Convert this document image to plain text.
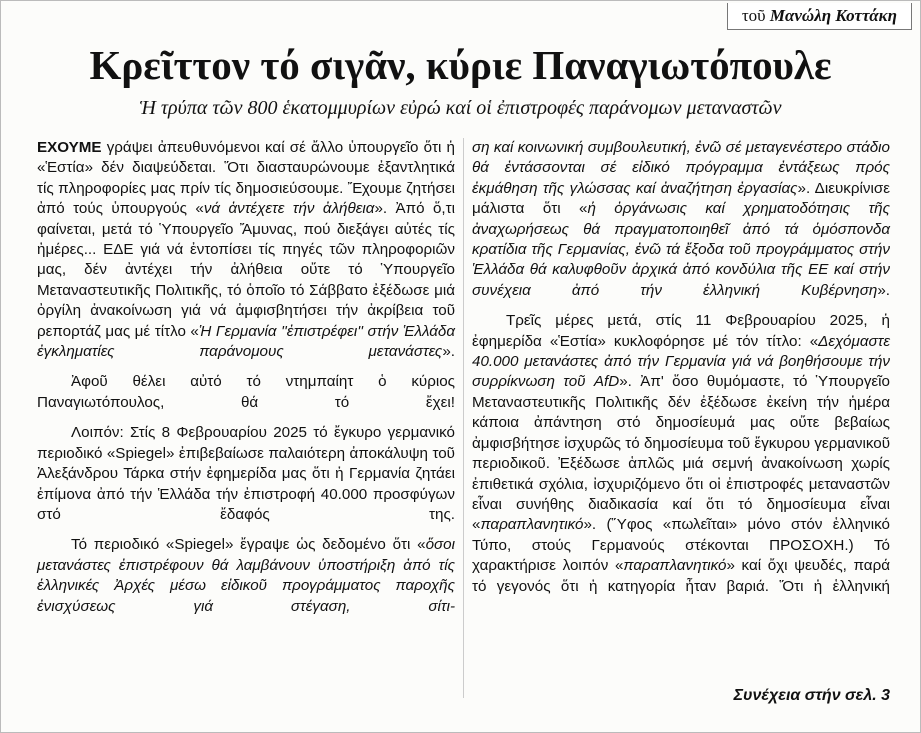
τοῦ Μανώλη Κοττάκη
Κρεῖττον τό σιγᾶν, κύριε Παναγιωτόπουλε
Ἡ τρύπα τῶν 800 ἑκατομμυρίων εὐρώ καί οἱ ἐπιστροφές παράνομων μεταναστῶν

ΕΧΟΥΜΕ γράψει ἀπευθυνόμενοι καί σέ ἄλλο ὑπουργεῖο ὅτι ἡ «Ἑστία» δέν διαψεύδεται. Ὅτι διασταυρώνουμε ἐξαντλητικά τίς πληροφορίες μας πρίν τίς δημοσιεύσουμε. Ἔχουμε ζητήσει ἀπό τούς ὑπουργούς «νά ἀντέχετε τήν ἀλήθεια». Ἀπό ὅ,τι φαίνεται, μετά τό Ὑπουργεῖο Ἄμυνας, πού διεξάγει αὐτές τίς ἡμέρες... ΕΔΕ γιά νά ἐντοπίσει τίς πηγές τῶν πληροφοριῶν μας, δέν ἀντέχει τήν ἀλήθεια οὔτε τό Ὑπουργεῖο Μεταναστευτικῆς Πολιτικῆς, τό ὁποῖο τό Σάββατο ἐξέδωσε μιά ὀργίλη ἀνακοίνωση γιά νά ἀμφισβητήσει τήν ἀκρίβεια τοῦ ρεπορτάζ μας μέ τίτλο «Ἡ Γερμανία ''ἐπιστρέφει'' στήν Ἑλλάδα ἐγκληματίες παράνομους μετανάστες».

Ἀφοῦ θέλει αὐτό τό ντημπαίητ ὁ κύριος Παναγιωτόπουλος, θά τό ἔχει!

Λοιπόν: Στίς 8 Φεβρουαρίου 2025 τό ἔγκυρο γερμανικό περιοδικό «Spiegel» ἐπιβεβαίωσε παλαιότερη ἀποκάλυψη τοῦ Ἀλεξάνδρου Τάρκα στήν ἐφημερίδα μας ὅτι ἡ Γερμανία ζητάει ἐπίμονα ἀπό τήν Ἑλλάδα τήν ἐπιστροφή 40.000 προσφύγων στό ἔδαφός της.

Τό περιοδικό «Spiegel» ἔγραψε ὡς δεδομένο ὅτι «ὅσοι μετανάστες ἐπιστρέφουν θά λαμβάνουν ὑποστήριξη ἀπό τίς ἑλληνικές Ἀρχές μέσω εἰδικοῦ προγράμματος παροχῆς ἐνισχύσεως γιά στέγαση, σίτι-

ση καί κοινωνική συμβουλευτική, ἐνῶ σέ μεταγενέστερο στάδιο θά ἐντάσσονται σέ εἰδικό πρόγραμμα ἐντάξεως πρός ἐκμάθηση τῆς γλώσσας καί ἀναζήτηση ἐργασίας». Διευκρίνισε μάλιστα ὅτι «ἡ ὀργάνωσις καί χρηματοδότησις τῆς ἀναχωρήσεως θά πραγματοποιηθεῖ ἀπό τά ὁμόσπονδα κρατίδια τῆς Γερμανίας, ἐνῶ τά ἔξοδα τοῦ προγράμματος στήν Ἑλλάδα θά καλυφθοῦν ἀρχικά ἀπό κονδύλια τῆς ΕΕ καί στήν συνέχεια ἀπό τήν ἑλληνική Κυβέρνηση».

Τρεῖς μέρες μετά, στίς 11 Φεβρουαρίου 2025, ἡ ἐφημερίδα «Ἑστία» κυκλοφόρησε μέ τόν τίτλο: «Δεχόμαστε 40.000 μετανάστες ἀπό τήν Γερμανία γιά νά βοηθήσουμε τήν συρρίκνωση τοῦ AfD». Ἀπ' ὅσο θυμόμαστε, τό Ὑπουργεῖο Μεταναστευτικῆς Πολιτικῆς δέν ἐξέδωσε ἐκείνη τήν ἡμέρα κάποια ἀπάντηση στό δημοσίευμά μας οὔτε βεβαίως ἀμφισβήτησε ἰσχυρῶς τό δημοσίευμα τοῦ ἔγκυρου γερμανικοῦ περιοδικοῦ. Ἐξέδωσε ἁπλῶς μιά σεμνή ἀνακοίνωση χωρίς ἐπιθετικά σχόλια, ἰσχυριζόμενο ὅτι οἱ ἐπιστροφές μεταναστῶν εἶναι συνήθης διαδικασία καί ὅτι τό δημοσίευμα εἶναι «παραπλανητικό». (Ὕφος «πωλεῖται» μόνο στόν ἑλληνικό Τύπο, στούς Γερμανούς στέκονται ΠΡΟΣΟΧΗ.) Τό χαρακτήρισε λοιπόν «παραπλανητικό» καί ὄχι ψευδές, παρά τό γεγονός ὅτι ἡ κατηγορία ἦταν βαριά. Ὅτι ἡ ἑλληνική

Συνέχεια στήν σελ. 3
